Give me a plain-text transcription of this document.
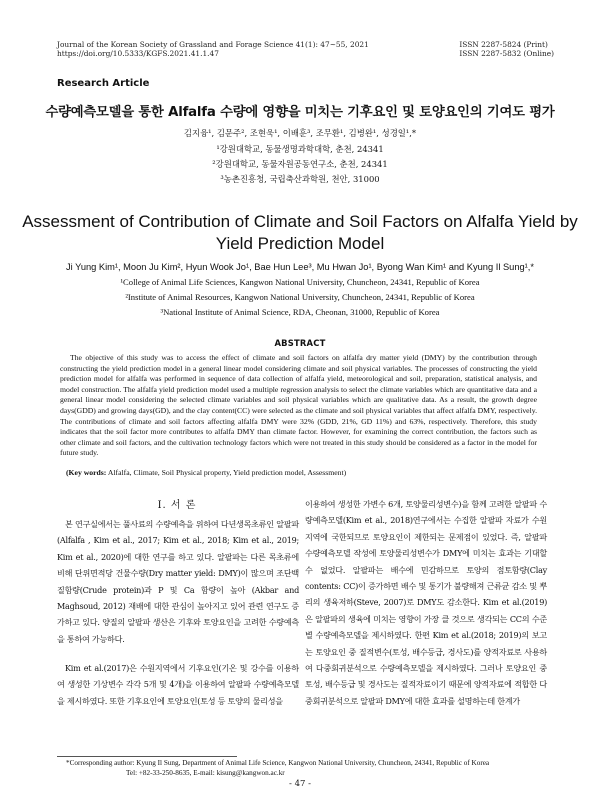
Journal of the Korean Society of Grassland and Forage Science 41(1): 47~55, 2021
https://doi.org/10.5333/KGFS.2021.41.1.47
ISSN 2287-5824 (Print)
ISSN 2287-5832 (Online)
Research Article
수량예측모델을 통한 Alfalfa 수량에 영향을 미치는 기후요인 및 토양요인의 기여도 평가
김지융¹, 김문주², 조현욱¹, 이배훈³, 조무환¹, 김병완¹, 성경일¹,*
¹강원대학교, 동물생명과학대학, 춘천, 24341
²강원대학교, 동물자원공동연구소, 춘천, 24341
³농촌진흥청, 국립축산과학원, 천안, 31000
Assessment of Contribution of Climate and Soil Factors on Alfalfa Yield by
Yield Prediction Model
Ji Yung Kim¹, Moon Ju Kim², Hyun Wook Jo¹, Bae Hun Lee³, Mu Hwan Jo¹, Byong Wan Kim¹ and Kyung Il Sung¹,*
¹College of Animal Life Sciences, Kangwon National University, Chuncheon, 24341, Republic of Korea
²Institute of Animal Resources, Kangwon National University, Chuncheon, 24341, Republic of Korea
³National Institute of Animal Science, RDA, Cheonan, 31000, Republic of Korea
ABSTRACT

The objective of this study was to access the effect of climate and soil factors on alfalfa dry matter yield (DMY) by the contribution through constructing the yield prediction model in a general linear model considering climate and soil physical variables. The processes of constructing the yield prediction model for alfalfa was performed in sequence of data collection of alfalfa yield, meteorological and soil, preparation, statistical analysis, and model construction. The alfalfa yield prediction model used a multiple regression analysis to select the climate variables which are quantitative data and a general linear model considering the selected climate variables and soil physical variables which are qualitative data. As a result, the growth degree days(GDD) and growing days(GD), and the clay content(CC) were selected as the climate and soil physical variables that affect alfalfa DMY, respectively. The contributions of climate and soil factors affecting alfalfa DMY were 32% (GDD, 21%, GD 11%) and 63%, respectively. Therefore, this study indicates that the soil factor more contributes to alfalfa DMY than climate factor. However, for examining the correct contribution, the factors such as other climate and soil factors, and the cultivation technology factors which were not treated in this study should be considered as a factor in the model for future study.

(Key words: Alfalfa, Climate, Soil Physical property, Yield prediction model, Assessment)

Ⅰ. 서 론

본 연구실에서는 풀사료의 수량예측을 위하여 다년생목초류인 알팔파(Alfalfa , Kim et al., 2017; Kim et al., 2018; Kim et al., 2019; Kim et al., 2020)에 대한 연구를 하고 있다. 알팔파는 다른 목초류에 비해 단위면적당 건물수량(Dry matter yield: DMY)이 많으며 조단백질함량(Crude protein)과 P 및 Ca 함량이 높아 (Akbar and Maghsoud, 2012) 재배에 대한 관심이 높아지고 있어 관련 연구도 증가하고 있다. 양질의 알팔파 생산은 기후와 토양요인을 고려한 수량예측을 통하여 가능하다.

Kim et al.(2017)은 수원지역에서 기후요인(기온 및 강수를 이용하여 생성한 기상변수 각각 5개 및 4개)을 이용하여 알팔파 수량예측모델을 제시하였다. 또한 기후요인에 토양요인(토성 등 토양의 물리성을

이용하여 생성한 가변수 6개, 토양물리성변수)을 함께 고려한 알팔파 수량예측모델(Kim et al., 2018)연구에서는 수집한 알팔파 자료가 수원지역에 국한되므로 토양요인이 제한되는 문제점이 있었다. 즉, 알팔파 수량예측모델 작성에 토양물리성변수가 DMY에 미치는 효과는 기대할 수 없었다. 알팔파는 배수에 민감하므로 토양의 점토함량(Clay contents: CC)이 증가하면 배수 및 통기가 불량해져 근류균 감소 및 뿌리의 생육저하(Steve, 2007)로 DMY도 감소한다. Kim et al.(2019)은 알팔파의 생육에 미치는 영향이 가장 클 것으로 생각되는 CC의 수준별 수량예측모델을 제시하였다. 한편 Kim et al.(2018; 2019)의 보고는 토양요인 중 질적변수(토성, 배수등급, 경사도)를 양적자료로 사용하여 다중회귀분석으로 수량예측모델을 제시하였다. 그러나 토양요인 중 토성, 배수등급 및 경사도는 질적자료이기 때문에 양적자료에 적합한 다중회귀분석으로 알팔파 DMY에 대한 효과를 설명하는데 한계가

*Corresponding author: Kyung Il Sung, Department of Animal Life Science, Kangwon National University, Chuncheon, 24341, Republic of Korea
Tel: +82-33-250-8635, E-mail: kisung@kangwon.ac.kr
- 47 -
